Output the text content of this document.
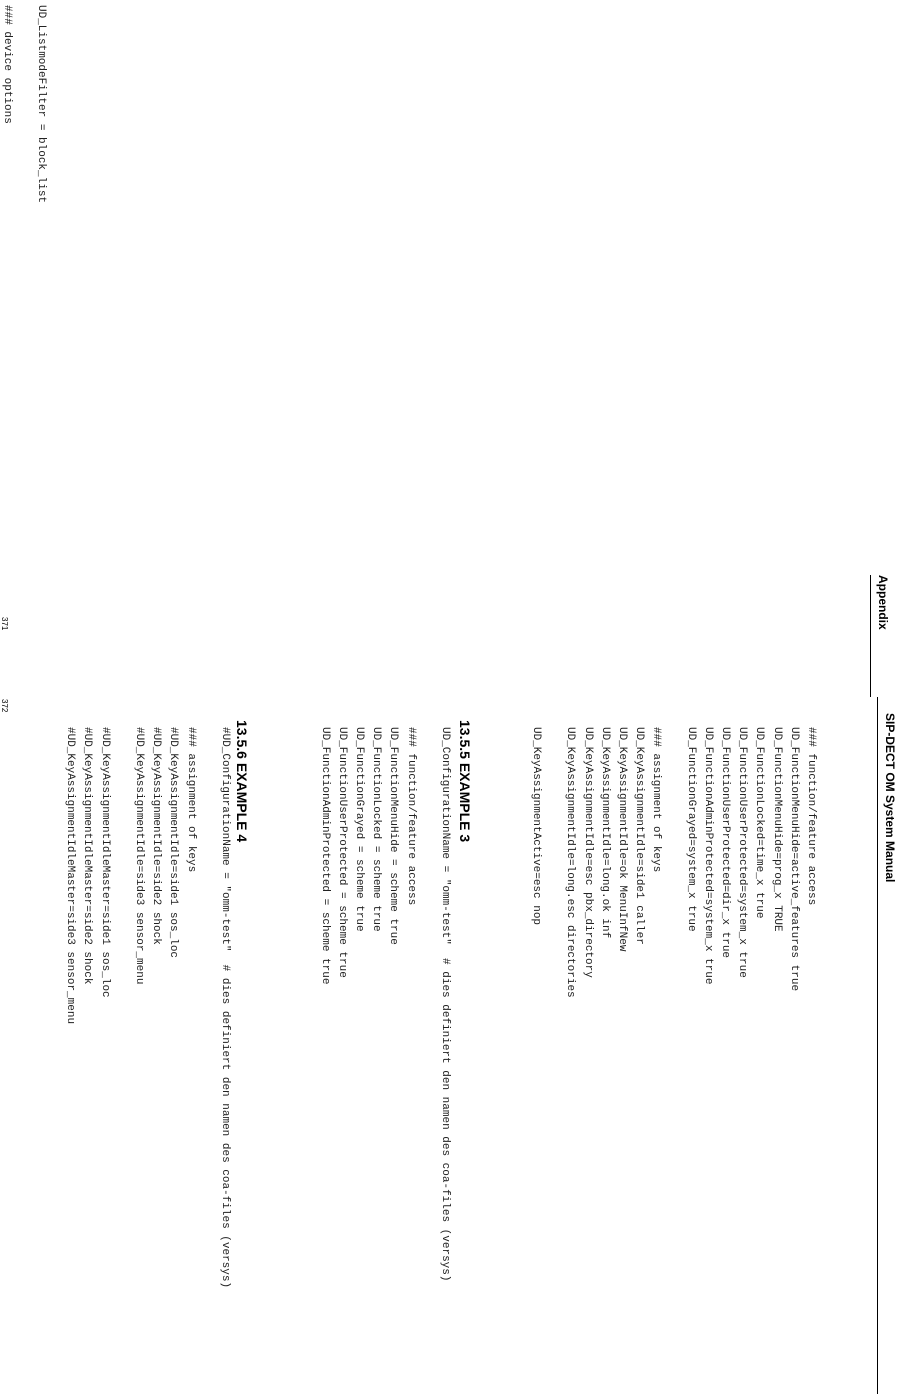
Appendix
371
UD_ListmodeFilter = block_list

### device options

SIP-DECT OM System Manual
372
### function/feature access
UD_FunctionMenuHide=active_features true
UD_FunctionMenuHide=prog_x TRUE
UD_FunctionLocked=time_x true
UD_FunctionUserProtected=system_x true
UD_FunctionUserProtected=dir_x true
UD_FunctionAdminProtected=system_x true
UD_FunctionGrayed=system_x true

### assignment of keys
UD_KeyAssignmentIdle=side1 caller
UD_KeyAssignmentIdle=ok MenuInfNew
UD_KeyAssignmentIdle=long.ok inf
UD_KeyAssignmentIdle=esc pbx_directory
UD_KeyAssignmentIdle=long.esc directories

UD_KeyAssignmentActive=esc nop
13.5.5 EXAMPLE 3
UD_ConfigurationName = "omm-test"  # dies definiert den namen des coa-files (versys)

### function/feature access
UD_FunctionMenuHide = scheme true
UD_FunctionLocked = scheme true
UD_FunctionGrayed = scheme true
UD_FunctionUserProtected = scheme true
UD_FunctionAdminProtected = scheme true
13.5.6 EXAMPLE 4
#UD_ConfigurationName = "omm-test"  # dies definiert den namen des coa-files (versys)

### assignment of keys
#UD_KeyAssignmentIdle=side1 sos_loc
#UD_KeyAssignmentIdle=side2 shock
#UD_KeyAssignmentIdle=side3 sensor_menu

#UD_KeyAssignmentIdleMaster=side1 sos_loc
#UD_KeyAssignmentIdleMaster=side2 shock
#UD_KeyAssignmentIdleMaster=side3 sensor_menu
